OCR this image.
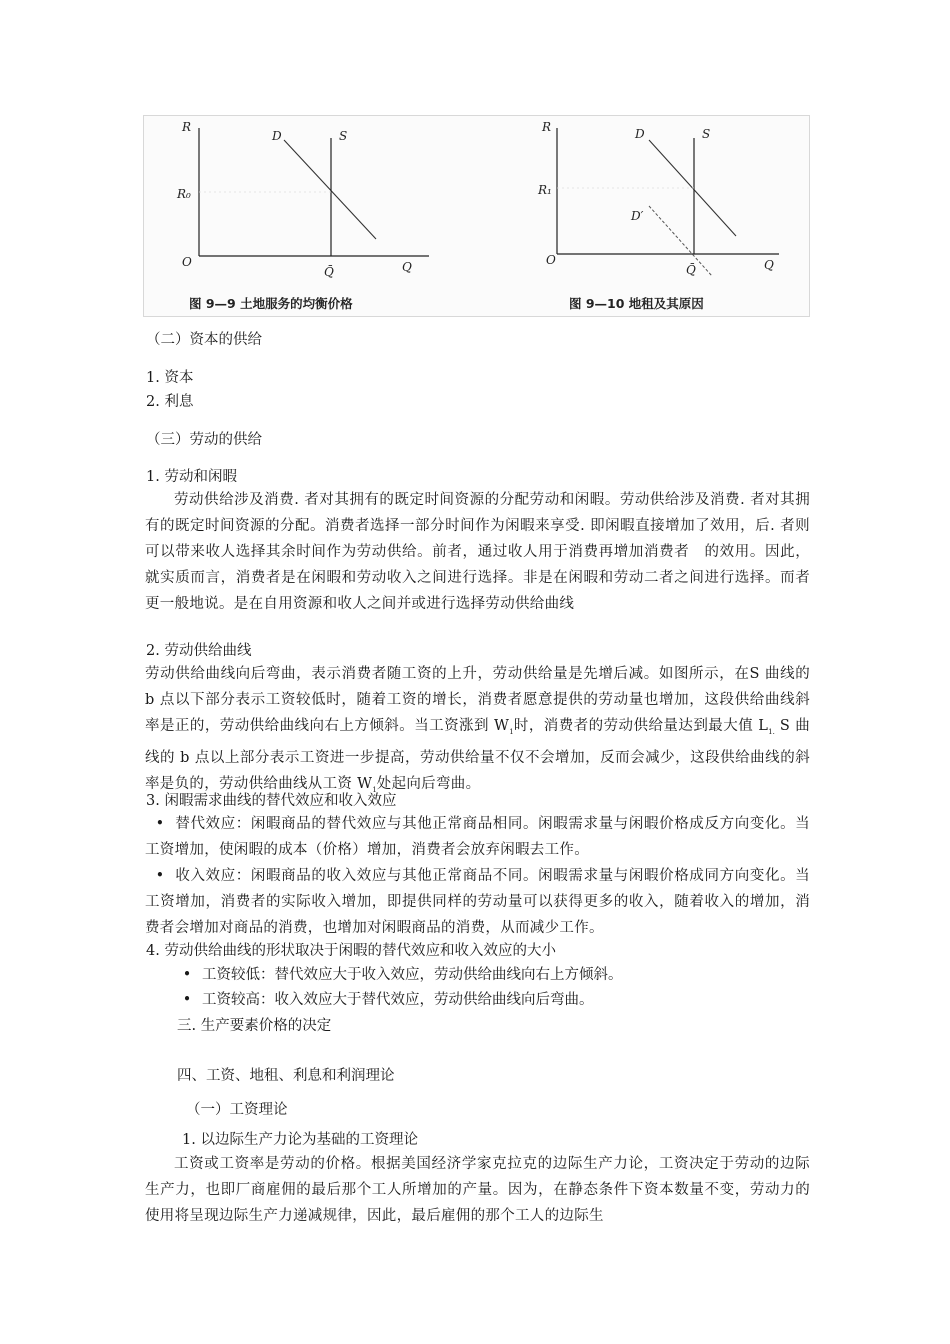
R
R₀
O	Q
Q̄
D	S
R
R₁
O	Q
Q̄
D
D′
S
图 9—9 土地服务的均衡价格	图 9—10 地租及其原因
（二）资本的供给
1. 资本
2. 利息
（三）劳动的供给
1. 劳动和闲暇
劳动供给涉及消费. 者对其拥有的既定时间资源的分配劳动和闲暇。劳动供给涉及消费. 者对其拥有的既定时间资源的分配。消费者选择一部分时间作为闲暇来享受. 即闲暇直接增加了效用，后. 者则可以带来收人选择其余时间作为劳动供给。前者，通过收人用于消费再增加消费者　的效用。因此，就实质而言，消费者是在闲暇和劳动收入之间进行选择。非是在闲暇和劳动二者之间进行选择。而者更一般地说。是在自用资源和收人之间并或进行选择劳动供给曲线
2. 劳动供给曲线
劳动供给曲线向后弯曲，表示消费者随工资的上升，劳动供给量是先增后减。如图所示，在S 曲线的 b 点以下部分表示工资较低时，随着工资的增长，消费者愿意提供的劳动量也增加，这段供给曲线斜率是正的，劳动供给曲线向右上方倾斜。当工资涨到 $W_1$时，消费者的劳动供给量达到最大值 $L_{1.}$ S 曲线的 b 点以上部分表示工资进一步提高，劳动供给量不仅不会增加，反而会减少，这段供给曲线的斜率是负的，劳动供给曲线从工资 $W_1$处起向后弯曲。
3. 闲暇需求曲线的替代效应和收入效应
• 替代效应：闲暇商品的替代效应与其他正常商品相同。闲暇需求量与闲暇价格成反方向变化。当工资增加，使闲暇的成本（价格）增加，消费者会放弃闲暇去工作。
• 收入效应：闲暇商品的收入效应与其他正常商品不同。闲暇需求量与闲暇价格成同方向变化。当工资增加，消费者的实际收入增加，即提供同样的劳动量可以获得更多的收入，随着收入的增加，消费者会增加对商品的消费，也增加对闲暇商品的消费，从而减少工作。
4. 劳动供给曲线的形状取决于闲暇的替代效应和收入效应的大小
• 工资较低：替代效应大于收入效应，劳动供给曲线向右上方倾斜。
• 工资较高：收入效应大于替代效应，劳动供给曲线向后弯曲。
三. 生产要素价格的决定
四、工资、地租、利息和利润理论
（一）工资理论
1. 以边际生产力论为基础的工资理论
工资或工资率是劳动的价格。根据美国经济学家克拉克的边际生产力论，工资决定于劳动的边际生产力，也即厂商雇佣的最后那个工人所增加的产量。因为，在静态条件下资本数量不变，劳动力的使用将呈现边际生产力递减规律，因此，最后雇佣的那个工人的边际生
